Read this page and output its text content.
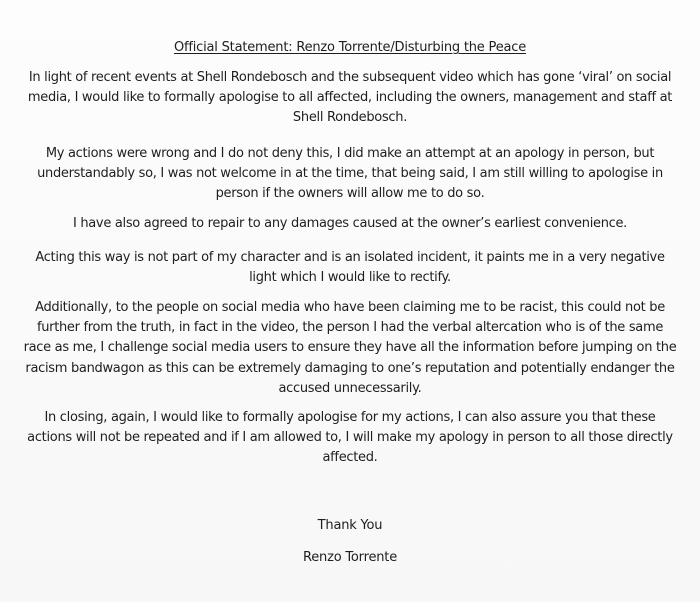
Official Statement: Renzo Torrente/Disturbing the Peace

In light of recent events at Shell Rondebosch and the subsequent video which has gone ‘viral’ on social media, I would like to formally apologise to all affected, including the owners, management and staff at Shell Rondebosch.

My actions were wrong and I do not deny this, I did make an attempt at an apology in person, but understandably so, I was not welcome in at the time, that being said, I am still willing to apologise in person if the owners will allow me to do so.

I have also agreed to repair to any damages caused at the owner’s earliest convenience.

Acting this way is not part of my character and is an isolated incident, it paints me in a very negative light which I would like to rectify.

Additionally, to the people on social media who have been claiming me to be racist, this could not be further from the truth, in fact in the video, the person I had the verbal altercation who is of the same race as me, I challenge social media users to ensure they have all the information before jumping on the racism bandwagon as this can be extremely damaging to one’s reputation and potentially endanger the accused unnecessarily.

In closing, again, I would like to formally apologise for my actions, I can also assure you that these actions will not be repeated and if I am allowed to, I will make my apology in person to all those directly affected.

Thank You

Renzo Torrente
